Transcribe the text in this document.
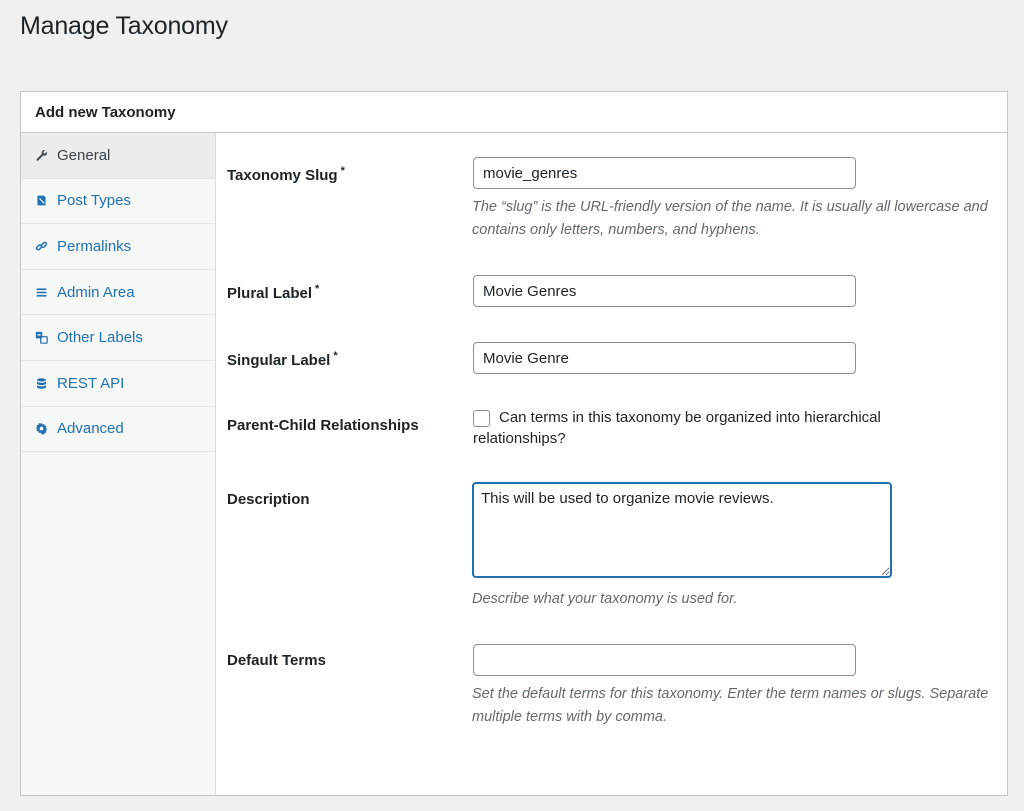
Manage Taxonomy
Add new Taxonomy
General
Post Types
Permalinks
Admin Area
Other Labels
REST API
Advanced
Taxonomy Slug *
movie_genres
The “slug” is the URL-friendly version of the name. It is usually all lowercase and contains only letters, numbers, and hyphens.
Plural Label *
Movie Genres
Singular Label *
Movie Genre
Parent-Child Relationships	Can terms in this taxonomy be organized into hierarchical relationships?
Description
This will be used to organize movie reviews.
Describe what your taxonomy is used for.
Default Terms
Set the default terms for this taxonomy. Enter the term names or slugs. Separate multiple terms with by comma.
